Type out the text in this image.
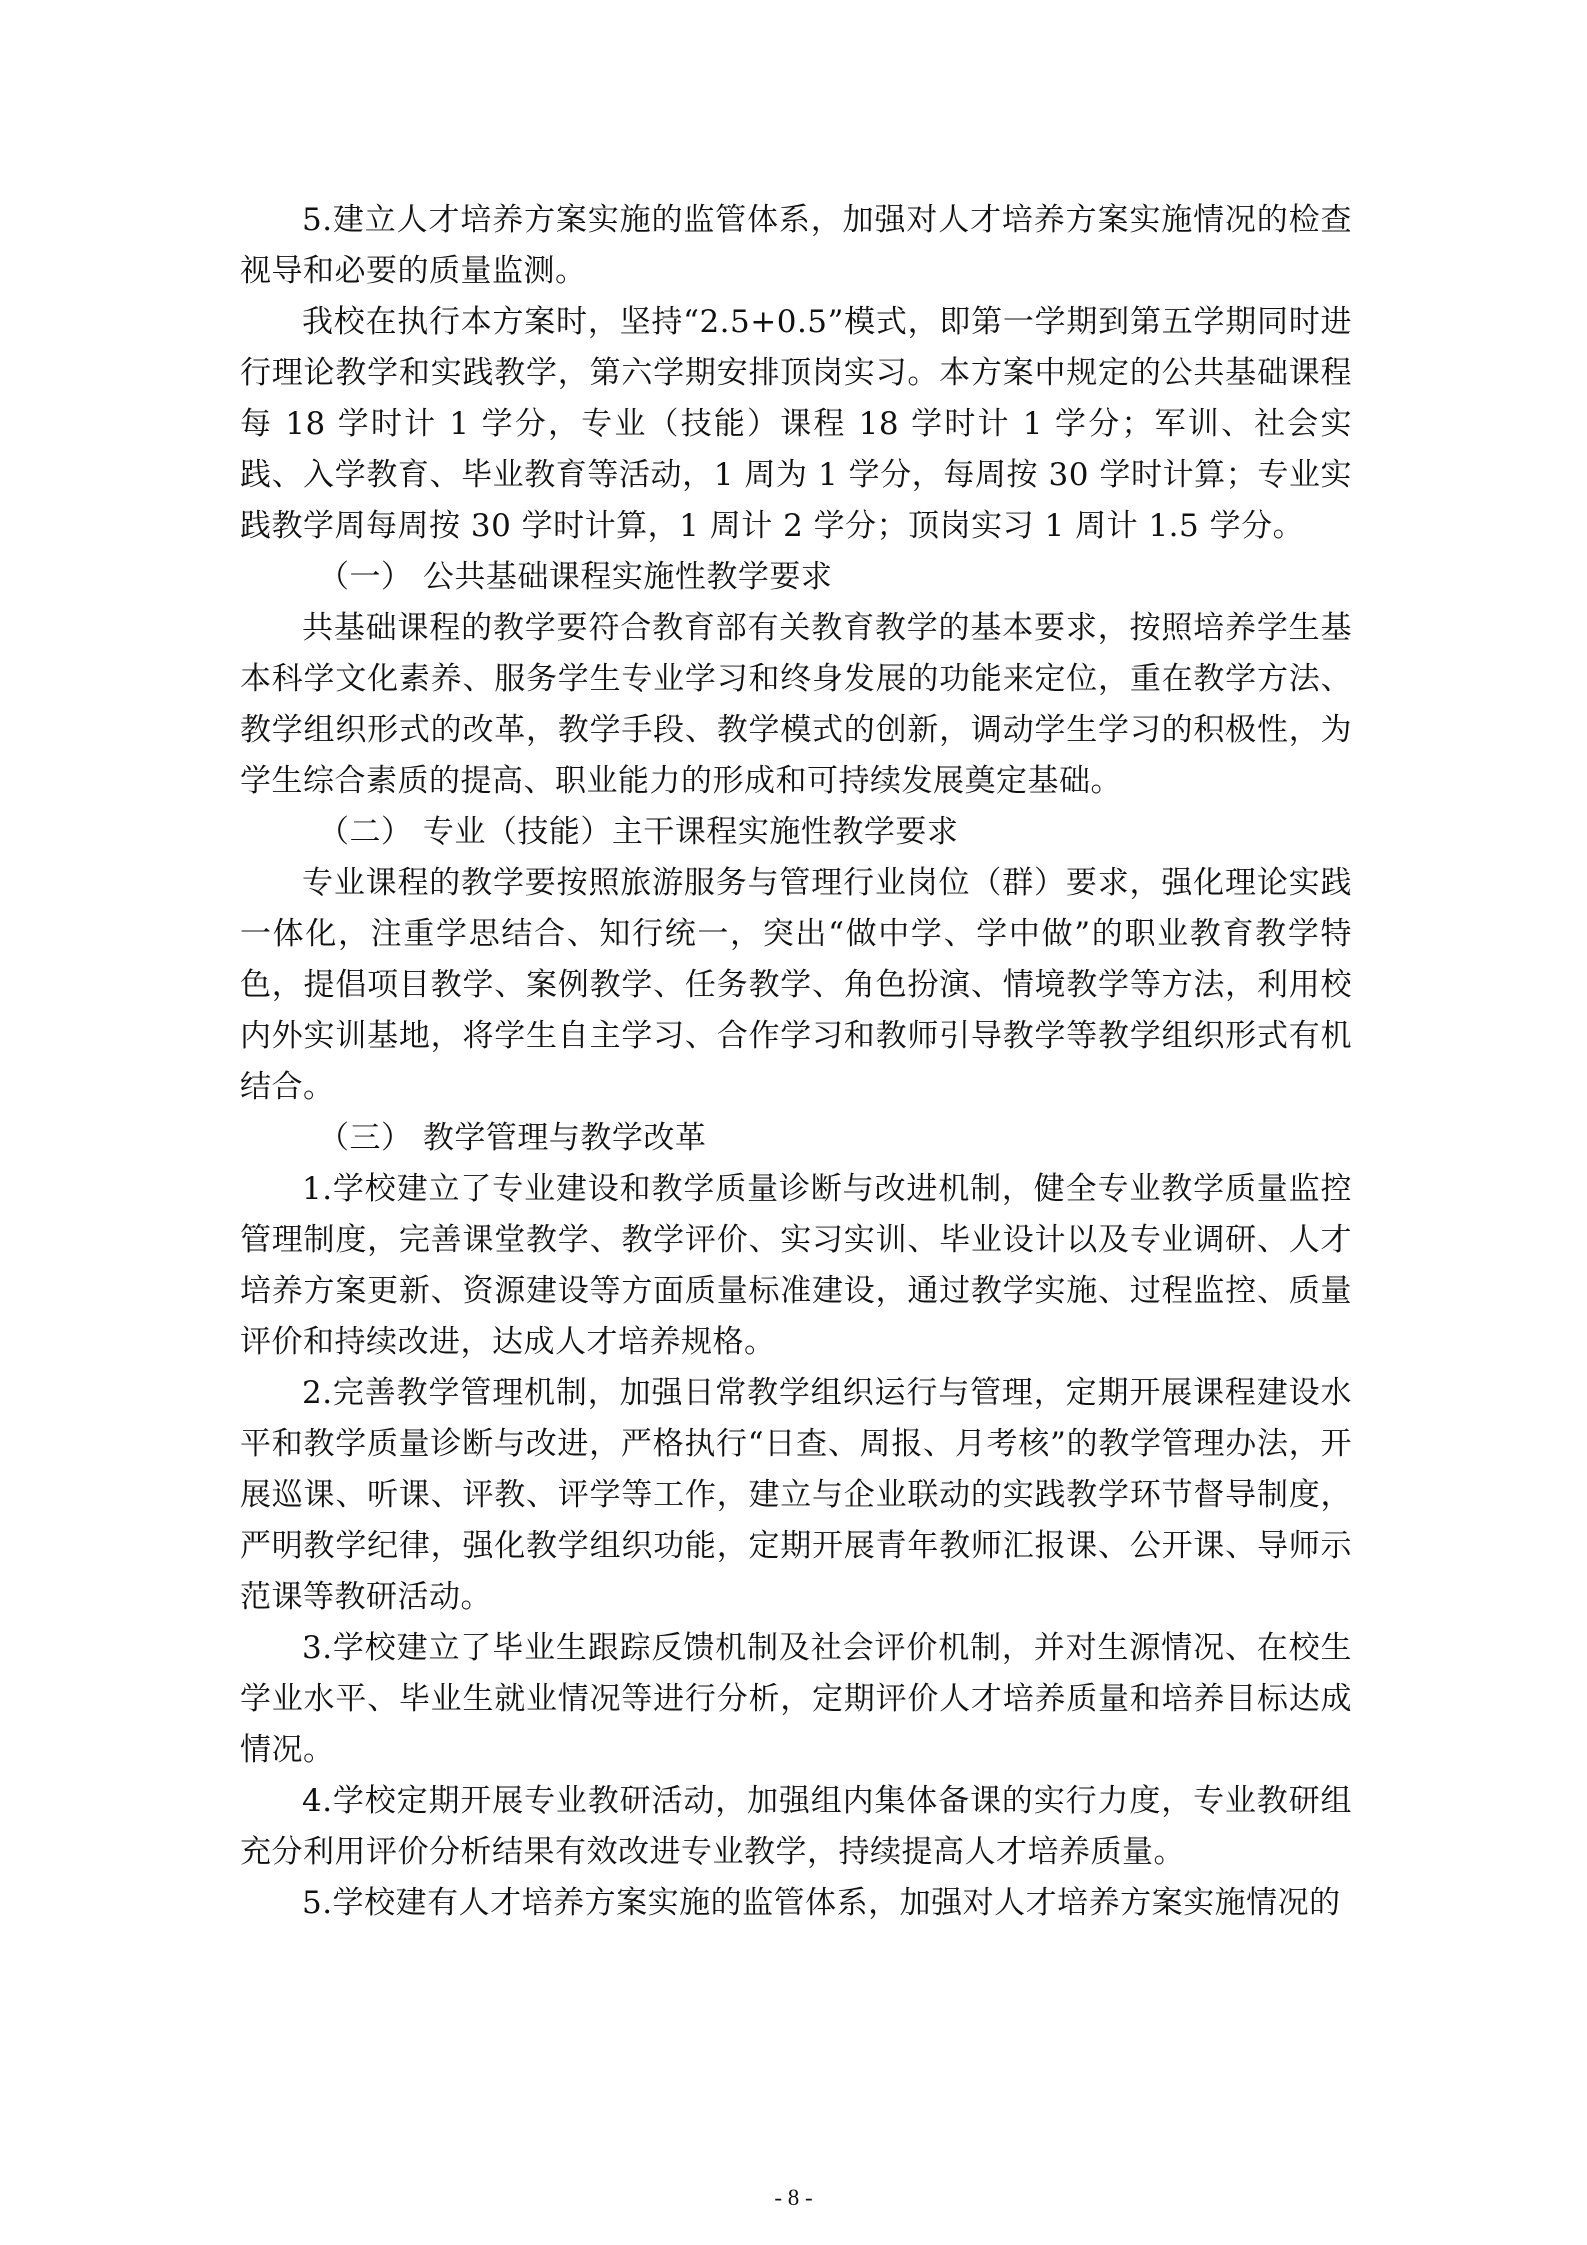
5.建立人才培养方案实施的监管体系，加强对人才培养方案实施情况的检查视导和必要的质量监测。

我校在执行本方案时，坚持“2.5+0.5”模式，即第一学期到第五学期同时进行理论教学和实践教学，第六学期安排顶岗实习。本方案中规定的公共基础课程每 18 学时计 1 学分，专业（技能）课程 18 学时计 1 学分；军训、社会实践、入学教育、毕业教育等活动，1 周为 1 学分，每周按 30 学时计算；专业实践教学周每周按 30 学时计算，1 周计 2 学分；顶岗实习 1 周计 1.5 学分。

（一） 公共基础课程实施性教学要求

共基础课程的教学要符合教育部有关教育教学的基本要求，按照培养学生基本科学文化素养、服务学生专业学习和终身发展的功能来定位，重在教学方法、教学组织形式的改革，教学手段、教学模式的创新，调动学生学习的积极性，为学生综合素质的提高、职业能力的形成和可持续发展奠定基础。

（二） 专业（技能）主干课程实施性教学要求

专业课程的教学要按照旅游服务与管理行业岗位（群）要求，强化理论实践一体化，注重学思结合、知行统一，突出“做中学、学中做”的职业教育教学特色，提倡项目教学、案例教学、任务教学、角色扮演、情境教学等方法，利用校内外实训基地，将学生自主学习、合作学习和教师引导教学等教学组织形式有机结合。

（三） 教学管理与教学改革

1.学校建立了专业建设和教学质量诊断与改进机制，健全专业教学质量监控管理制度，完善课堂教学、教学评价、实习实训、毕业设计以及专业调研、人才培养方案更新、资源建设等方面质量标准建设，通过教学实施、过程监控、质量评价和持续改进，达成人才培养规格。

2.完善教学管理机制，加强日常教学组织运行与管理，定期开展课程建设水平和教学质量诊断与改进，严格执行“日查、周报、月考核”的教学管理办法，开展巡课、听课、评教、评学等工作，建立与企业联动的实践教学环节督导制度，严明教学纪律，强化教学组织功能，定期开展青年教师汇报课、公开课、导师示范课等教研活动。

3.学校建立了毕业生跟踪反馈机制及社会评价机制，并对生源情况、在校生学业水平、毕业生就业情况等进行分析，定期评价人才培养质量和培养目标达成情况。

4.学校定期开展专业教研活动，加强组内集体备课的实行力度，专业教研组充分利用评价分析结果有效改进专业教学，持续提高人才培养质量。

5.学校建有人才培养方案实施的监管体系，加强对人才培养方案实施情况的

- 8 -
